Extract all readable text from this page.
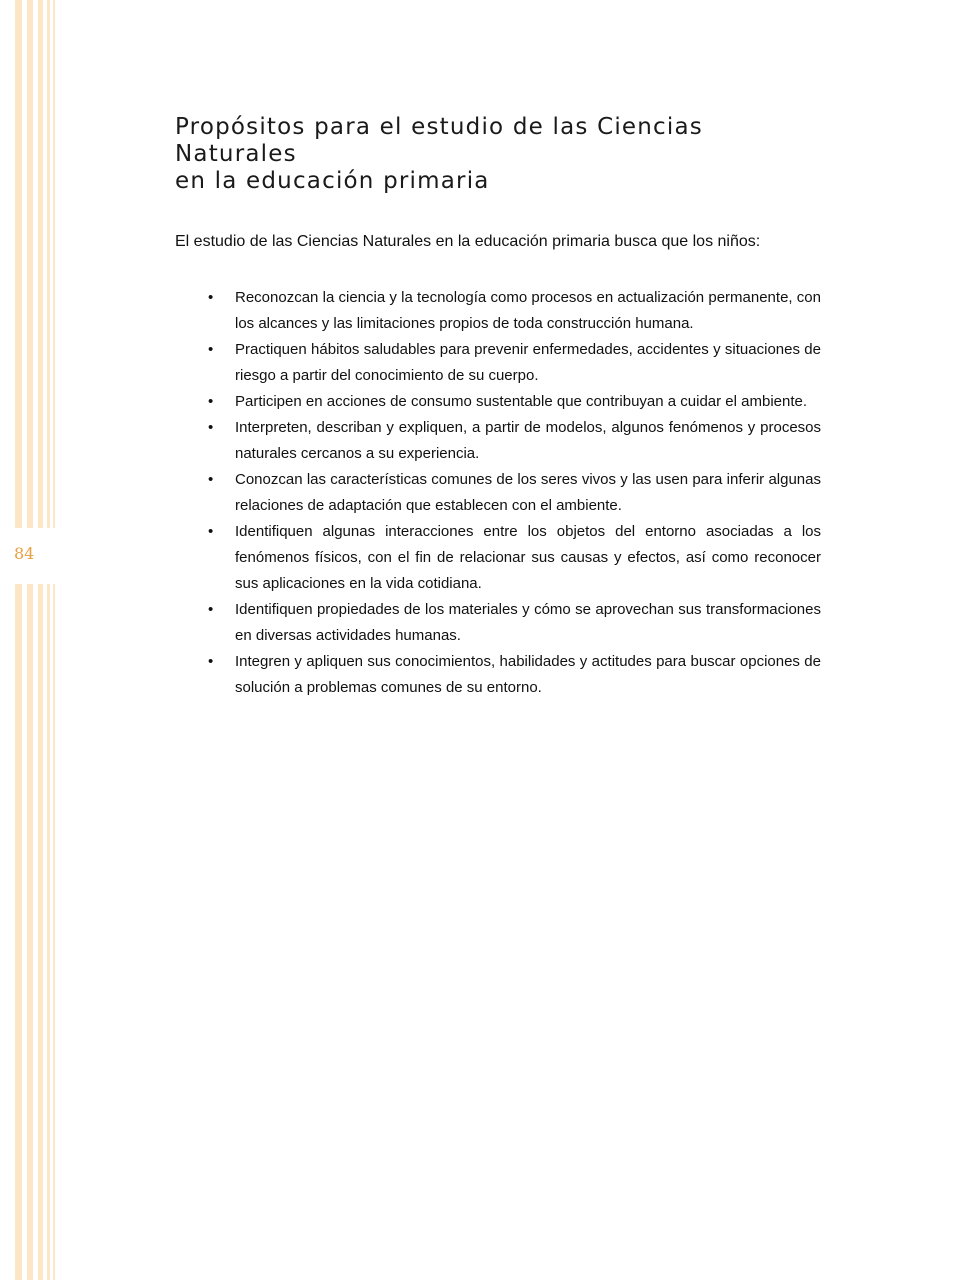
84
Propósitos para el estudio de las Ciencias Naturales
en la educación primaria

El estudio de las Ciencias Naturales en la educación primaria busca que los niños:

• Reconozcan la ciencia y la tecnología como procesos en actualización permanente, con los alcances y las limitaciones propios de toda construcción humana.
• Practiquen hábitos saludables para prevenir enfermedades, accidentes y situaciones de riesgo a partir del conocimiento de su cuerpo.
• Participen en acciones de consumo sustentable que contribuyan a cuidar el ambiente.
• Interpreten, describan y expliquen, a partir de modelos, algunos fenómenos y procesos naturales cercanos a su experiencia.
• Conozcan las características comunes de los seres vivos y las usen para inferir algunas relaciones de adaptación que establecen con el ambiente.
• Identifiquen algunas interacciones entre los objetos del entorno asociadas a los fenómenos físicos, con el fin de relacionar sus causas y efectos, así como reconocer sus aplicaciones en la vida cotidiana.
• Identifiquen propiedades de los materiales y cómo se aprovechan sus transformaciones en diversas actividades humanas.
• Integren y apliquen sus conocimientos, habilidades y actitudes para buscar opciones de solución a problemas comunes de su entorno.
